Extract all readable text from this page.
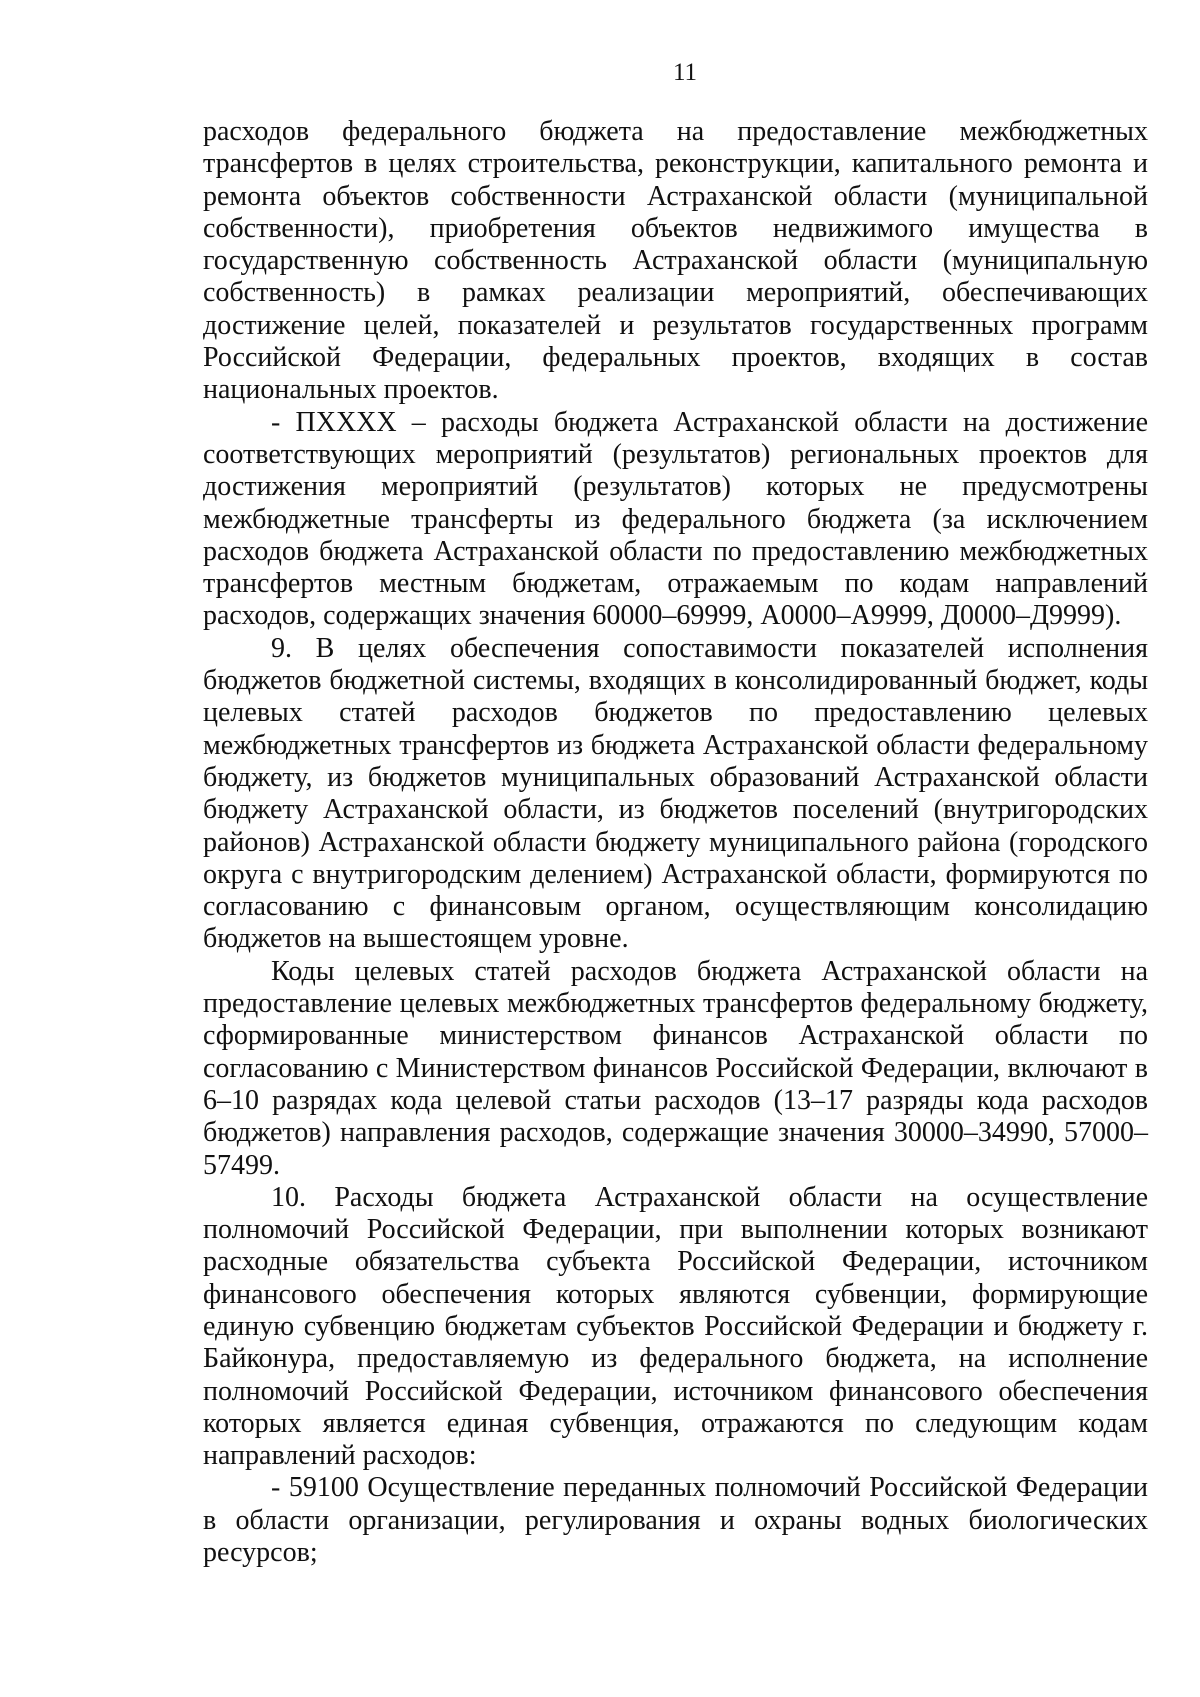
11

расходов федерального бюджета на предоставление межбюджетных трансфертов в целях строительства, реконструкции, капитального ремонта и ремонта объектов собственности Астраханской области (муниципальной собственности), приобретения объектов недвижимого имущества в государственную собственность Астраханской области (муниципальную собственность) в рамках реализации мероприятий, обеспечивающих достижение целей, показателей и результатов государственных программ Российской Федерации, федеральных проектов, входящих в состав национальных проектов.

- ПХХХХ – расходы бюджета Астраханской области на достижение соответствующих мероприятий (результатов) региональных проектов для достижения мероприятий (результатов) которых не предусмотрены межбюджетные трансферты из федерального бюджета (за исключением расходов бюджета Астраханской области по предоставлению межбюджетных трансфертов местным бюджетам, отражаемым по кодам направлений расходов, содержащих значения 60000–69999, А0000–А9999, Д0000–Д9999).

9. В целях обеспечения сопоставимости показателей исполнения бюджетов бюджетной системы, входящих в консолидированный бюджет, коды целевых статей расходов бюджетов по предоставлению целевых межбюджетных трансфертов из бюджета Астраханской области федеральному бюджету, из бюджетов муниципальных образований Астраханской области бюджету Астраханской области, из бюджетов поселений (внутригородских районов) Астраханской области бюджету муниципального района (городского округа с внутригородским делением) Астраханской области, формируются по согласованию с финансовым органом, осуществляющим консолидацию бюджетов на вышестоящем уровне.

Коды целевых статей расходов бюджета Астраханской области на предоставление целевых межбюджетных трансфертов федеральному бюджету, сформированные министерством финансов Астраханской области по согласованию с Министерством финансов Российской Федерации, включают в 6–10 разрядах кода целевой статьи расходов (13–17 разряды кода расходов бюджетов) направления расходов, содержащие значения 30000–34990, 57000–57499.

10. Расходы бюджета Астраханской области на осуществление полномочий Российской Федерации, при выполнении которых возникают расходные обязательства субъекта Российской Федерации, источником финансового обеспечения которых являются субвенции, формирующие единую субвенцию бюджетам субъектов Российской Федерации и бюджету г. Байконура, предоставляемую из федерального бюджета, на исполнение полномочий Российской Федерации, источником финансового обеспечения которых является единая субвенция, отражаются по следующим кодам направлений расходов:

- 59100 Осуществление переданных полномочий Российской Федерации в области организации, регулирования и охраны водных биологических ресурсов;
